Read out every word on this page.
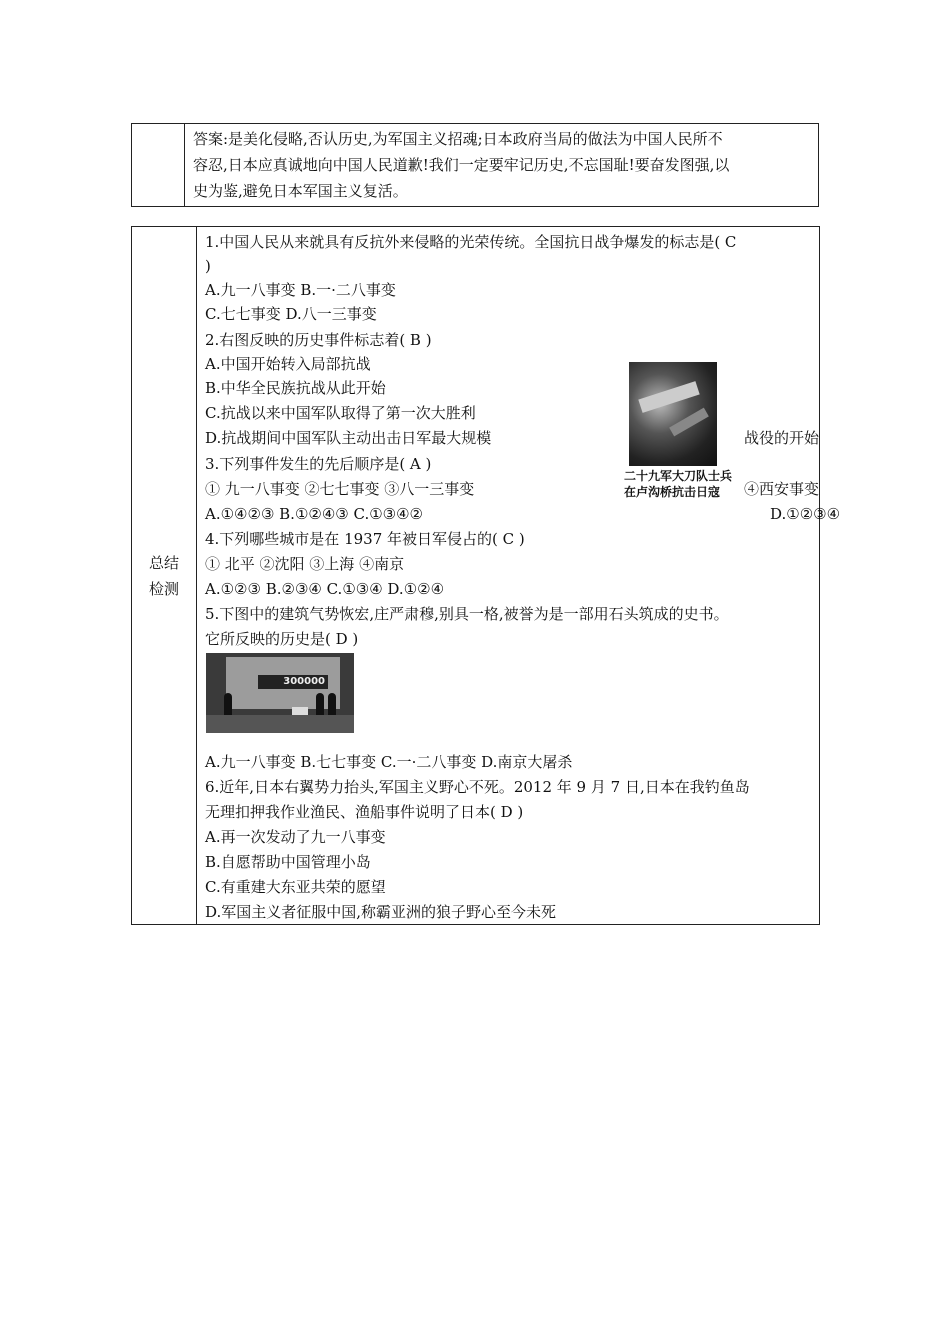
答案:是美化侵略,否认历史,为军国主义招魂;日本政府当局的做法为中国人民所不
容忍,日本应真诚地向中国人民道歉!我们一定要牢记历史,不忘国耻!要奋发图强,以
史为鉴,避免日本军国主义复活。
总结
检测

1.中国人民从来就具有反抗外来侵略的光荣传统。全国抗日战争爆发的标志是( C
)
A.九一八事变 B.一·二八事变
C.七七事变 D.八一三事变
2.右图反映的历史事件标志着( B )
A.中国开始转入局部抗战
B.中华全民族抗战从此开始
C.抗战以来中国军队取得了第一次大胜利
D.抗战期间中国军队主动出击日军最大规模	战役的开始
二十九军大刀队士兵
在卢沟桥抗击日寇
3.下列事件发生的先后顺序是( A )
① 九一八事变 ②七七事变 ③八一三事变	④西安事变
A.①④②③ B.①②④③ C.①③④②	D.①②③④
4.下列哪些城市是在 1937 年被日军侵占的( C )
① 北平 ②沈阳 ③上海 ④南京
A.①②③ B.②③④ C.①③④ D.①②④
5.下图中的建筑气势恢宏,庄严肃穆,别具一格,被誉为是一部用石头筑成的史书。
它所反映的历史是( D )
300000
A.九一八事变 B.七七事变 C.一·二八事变 D.南京大屠杀
6.近年,日本右翼势力抬头,军国主义野心不死。2012 年 9 月 7 日,日本在我钓鱼岛
无理扣押我作业渔民、渔船事件说明了日本( D )
A.再一次发动了九一八事变
B.自愿帮助中国管理小岛
C.有重建大东亚共荣的愿望
D.军国主义者征服中国,称霸亚洲的狼子野心至今未死
